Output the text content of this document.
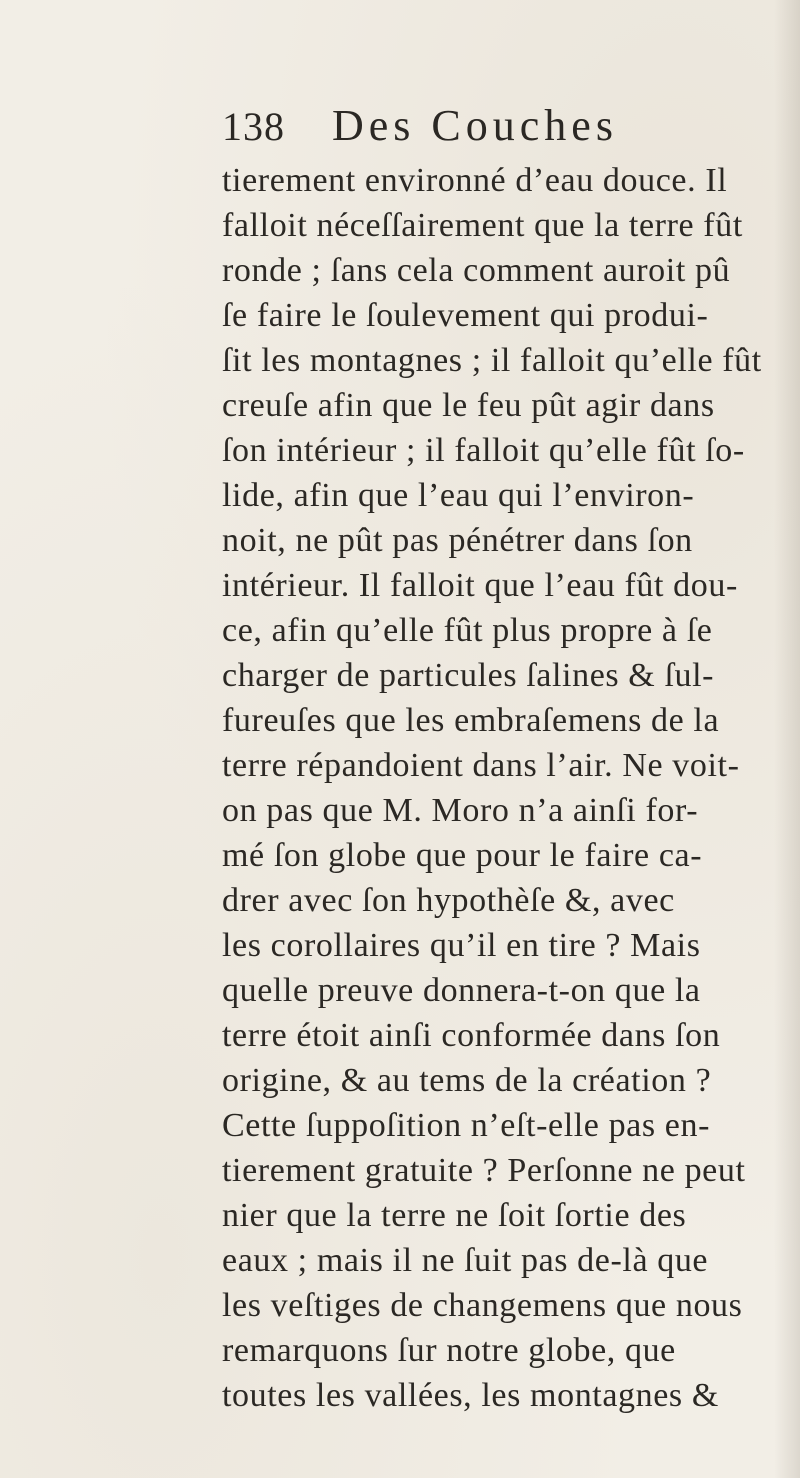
138 Des Couches
tierement environné d’eau douce. Il
falloit néceſſairement que la terre fût
ronde ; ſans cela comment auroit pû
ſe faire le ſoulevement qui produi-
ſit les montagnes ; il falloit qu’elle fût
creuſe afin que le feu pût agir dans
ſon intérieur ; il falloit qu’elle fût ſo-
lide, afin que l’eau qui l’environ-
noit, ne pût pas pénétrer dans ſon
intérieur. Il falloit que l’eau fût dou-
ce, afin qu’elle fût plus propre à ſe
charger de particules ſalines & ſul-
fureuſes que les embraſemens de la
terre répandoient dans l’air. Ne voit-
on pas que M. Moro n’a ainſi for-
mé ſon globe que pour le faire ca-
drer avec ſon hypothèſe &, avec
les corollaires qu’il en tire ? Mais
quelle preuve donnera-t-on que la
terre étoit ainſi conformée dans ſon
origine, & au tems de la création ?
Cette ſuppoſition n’eſt-elle pas en-
tierement gratuite ? Perſonne ne peut
nier que la terre ne ſoit ſortie des
eaux ; mais il ne ſuit pas de-là que
les veſtiges de changemens que nous
remarquons ſur notre globe, que
toutes les vallées, les montagnes &
